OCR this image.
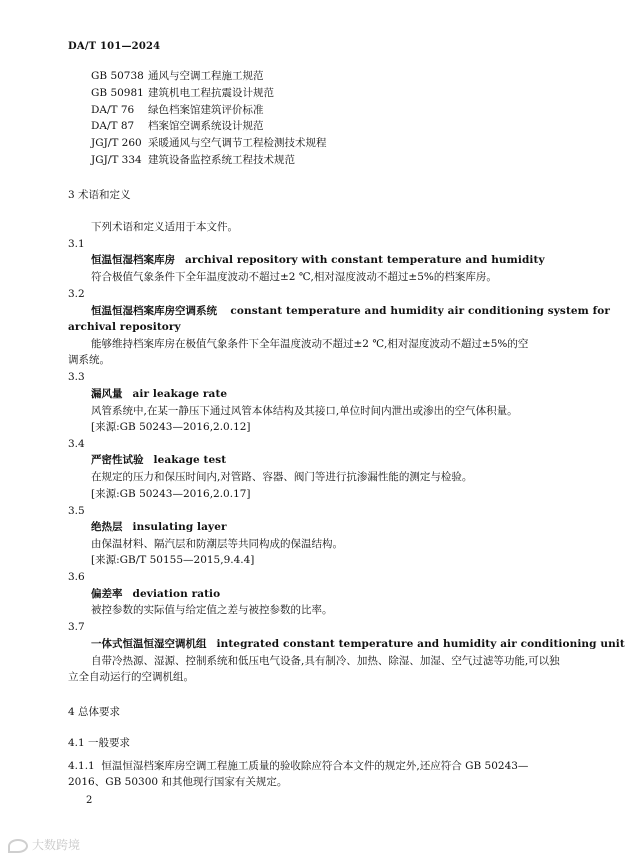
DA/T 101—2024
GB 50738 通风与空调工程施工规范
GB 50981 建筑机电工程抗震设计规范
DA/T 76 绿色档案馆建筑评价标准
DA/T 87 档案馆空调系统设计规范
JGJ/T 260 采暖通风与空气调节工程检测技术规程
JGJ/T 334 建筑设备监控系统工程技术规范
3 术语和定义
下列术语和定义适用于本文件。
3.1
恒温恒湿档案库房 archival repository with constant temperature and humidity
符合极值气象条件下全年温度波动不超过±2 ℃,相对湿度波动不超过±5%的档案库房。
3.2
恒温恒湿档案库房空调系统 constant temperature and humidity air conditioning system for
archival repository
能够维持档案库房在极值气象条件下全年温度波动不超过±2 ℃,相对湿度波动不超过±5%的空
调系统。
3.3
漏风量 air leakage rate
风管系统中,在某一静压下通过风管本体结构及其接口,单位时间内泄出或渗出的空气体积量。
[来源:GB 50243—2016,2.0.12]
3.4
严密性试验 leakage test
在规定的压力和保压时间内,对管路、容器、阀门等进行抗渗漏性能的测定与检验。
[来源:GB 50243—2016,2.0.17]
3.5
绝热层 insulating layer
由保温材料、隔汽层和防潮层等共同构成的保温结构。
[来源:GB/T 50155—2015,9.4.4]
3.6
偏差率 deviation ratio
被控参数的实际值与给定值之差与被控参数的比率。
3.7
一体式恒温恒湿空调机组 integrated constant temperature and humidity air conditioning unit
自带冷热源、湿源、控制系统和低压电气设备,具有制冷、加热、除湿、加湿、空气过滤等功能,可以独
立全自动运行的空调机组。
4 总体要求
4.1 一般要求
4.1.1 恒温恒湿档案库房空调工程施工质量的验收除应符合本文件的规定外,还应符合 GB 50243—
2016、GB 50300 和其他现行国家有关规定。
2
大数跨境
